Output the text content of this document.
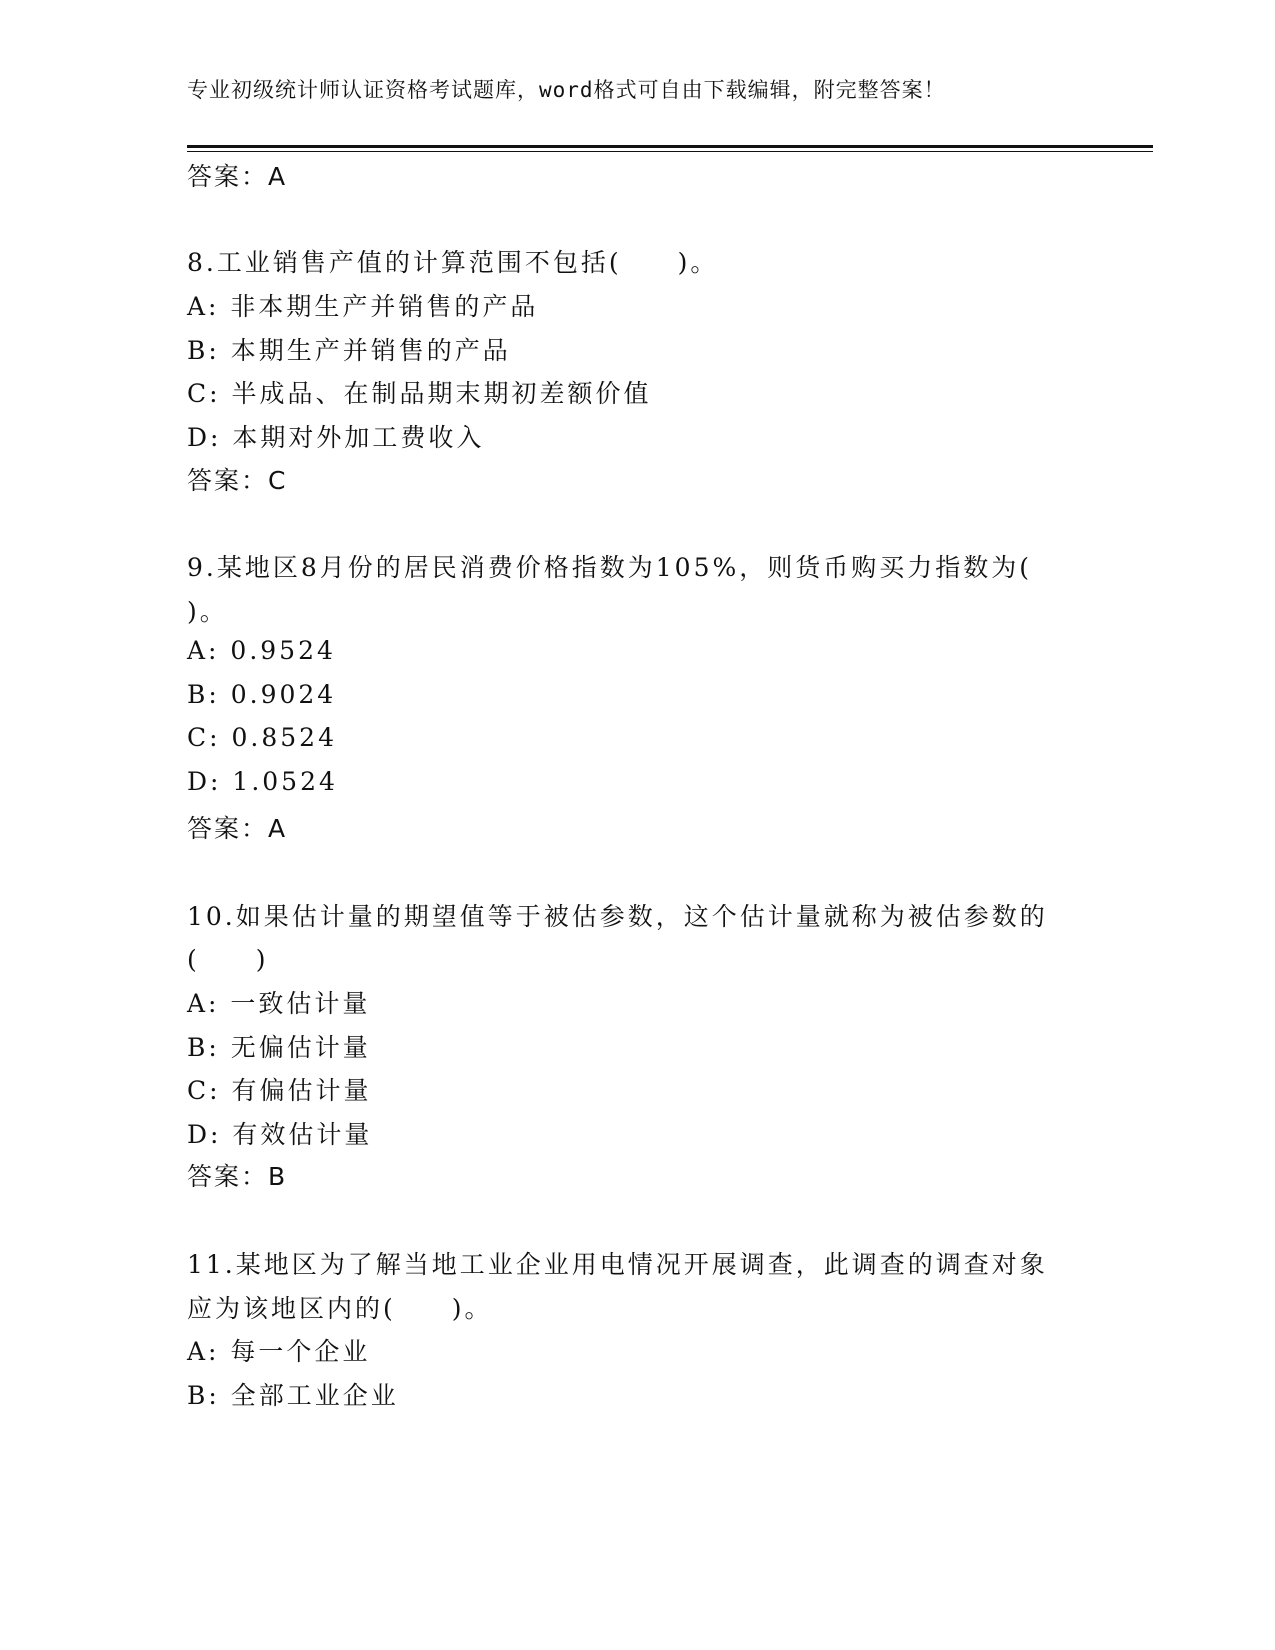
专业初级统计师认证资格考试题库，word格式可自由下载编辑，附完整答案！
答案：A
8.工业销售产值的计算范围不包括(　　)。
A: 非本期生产并销售的产品
B: 本期生产并销售的产品
C: 半成品、在制品期末期初差额价值
D: 本期对外加工费收入
答案：C
9.某地区8月份的居民消费价格指数为105%，则货币购买力指数为(
)。
A: 0.9524
B: 0.9024
C: 0.8524
D: 1.0524
答案：A
10.如果估计量的期望值等于被估参数，这个估计量就称为被估参数的
(　　)
A: 一致估计量
B: 无偏估计量
C: 有偏估计量
D: 有效估计量
答案：B
11.某地区为了解当地工业企业用电情况开展调查，此调查的调查对象
应为该地区内的(　　)。
A: 每一个企业
B: 全部工业企业
